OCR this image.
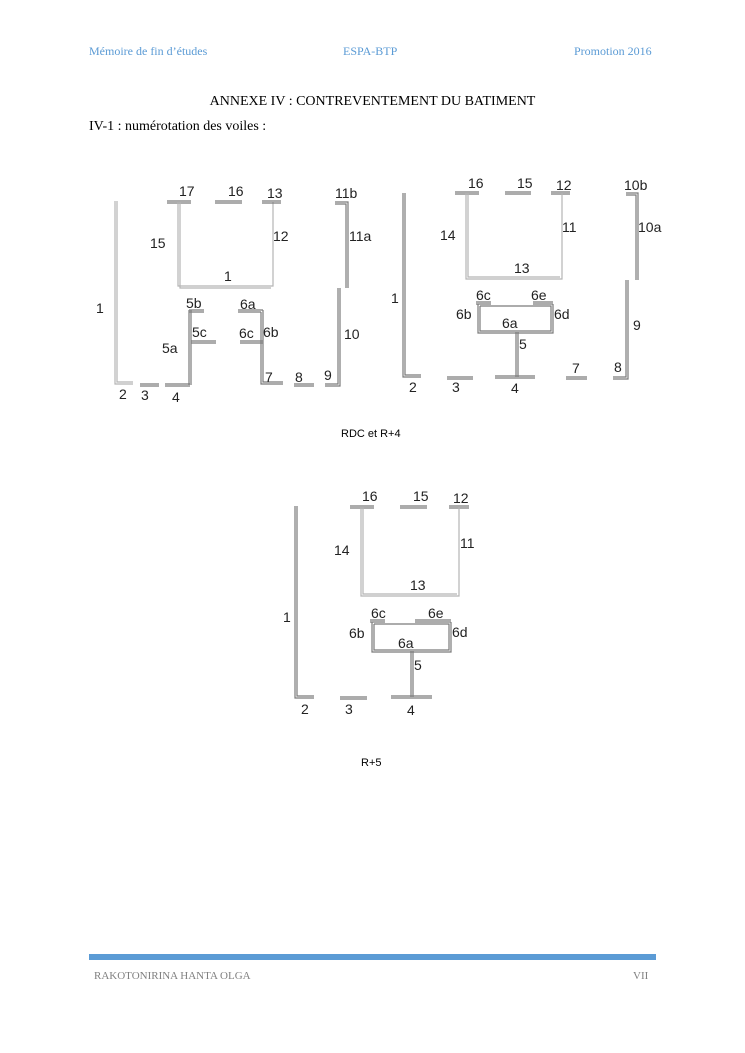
Mémoire de fin d’études	ESPA-BTP	Promotion 2016
ANNEXE IV : CONTREVENTEMENT DU BATIMENT
IV-1 : numérotation des voiles :
17 16 13	11b
15	12	11a
1
1	5b	6a
5c 6c 6b
5a
10
7 8 9
2 3 4
16 15 12	10b
14	11	10a
13
1	6c	6e
6b	6d
6a	9
5
7 8
2	3	4
RDC et R+4
16	15 12
14	11
1
13
6c	6e
6b	6d
6a
5
2	3	4
R+5
RAKOTONIRINA HANTA OLGA	VII
